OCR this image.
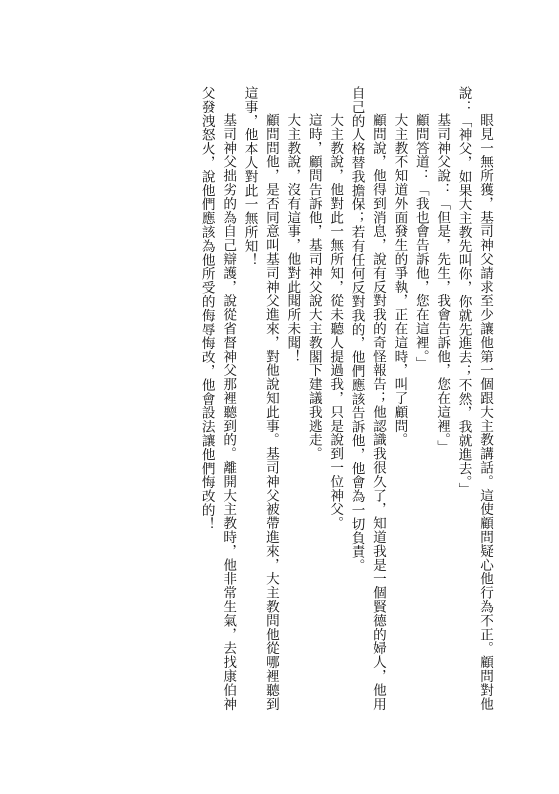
眼見一無所獲，基司神父請求至少讓他第一個跟大主教講話。這使顧問疑心他行為不正。顧問對他說：「神父，如果大主教先叫你，你就先進去；不然，我就進去。」

基司神父說：「但是，先生，我會告訴他，您在這裡。」

顧問答道：「我也會告訴他，您在這裡。」

大主教不知道外面發生的爭執，正在這時，叫了顧問。

顧問說，他得到消息，說有反對我的奇怪報告；他認識我很久了，知道我是一個賢德的婦人，他用自己的人格替我擔保；若有任何反對我的，他們應該告訴他，他會為一切負責。

大主教說，他對此一無所知，從未聽人提過我，只是說到一位神父。

這時，顧問告訴他，基司神父說大主教閣下建議我逃走。

大主教說，沒有這事，他對此聞所未聞！

顧問問他，是否同意叫基司神父進來，對他說知此事。基司神父被帶進來，大主教問他從哪裡聽到這事，他本人對此一無所知！

基司神父拙劣的為自己辯護，說從省督神父那裡聽到的。離開大主教時，他非常生氣，去找康伯神父發洩怒火，說他們應該為他所受的侮辱悔改，他會設法讓他們悔改的！
